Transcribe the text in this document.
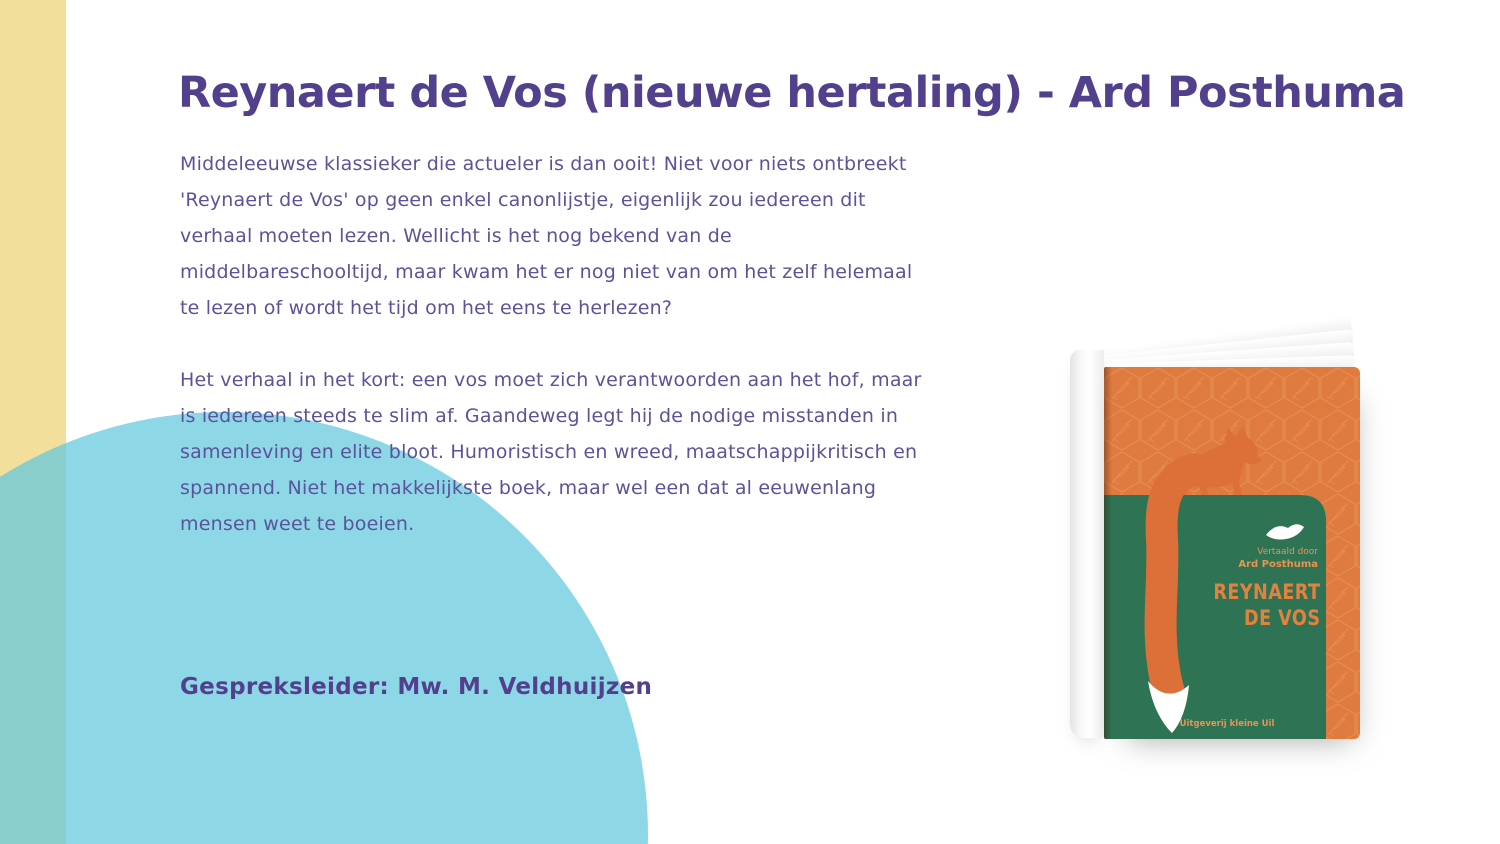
Reynaert de Vos (nieuwe hertaling) - Ard Posthuma
Middeleeuwse klassieker die actueler is dan ooit! Niet voor niets ontbreekt
'Reynaert de Vos' op geen enkel canonlijstje, eigenlijk zou iedereen dit
verhaal moeten lezen. Wellicht is het nog bekend van de
middelbareschooltijd, maar kwam het er nog niet van om het zelf helemaal
te lezen of wordt het tijd om het eens te herlezen?
Het verhaal in het kort: een vos moet zich verantwoorden aan het hof, maar
is iedereen steeds te slim af. Gaandeweg legt hij de nodige misstanden in
samenleving en elite bloot. Humoristisch en wreed, maatschappijkritisch en
spannend. Niet het makkelijkste boek, maar wel een dat al eeuwenlang
mensen weet te boeien.
Gespreksleider: Mw. M. Veldhuijzen
Vertaald door
Ard Posthuma
REYNAERT
DE VOS
Uitgeverij kleine Uil
